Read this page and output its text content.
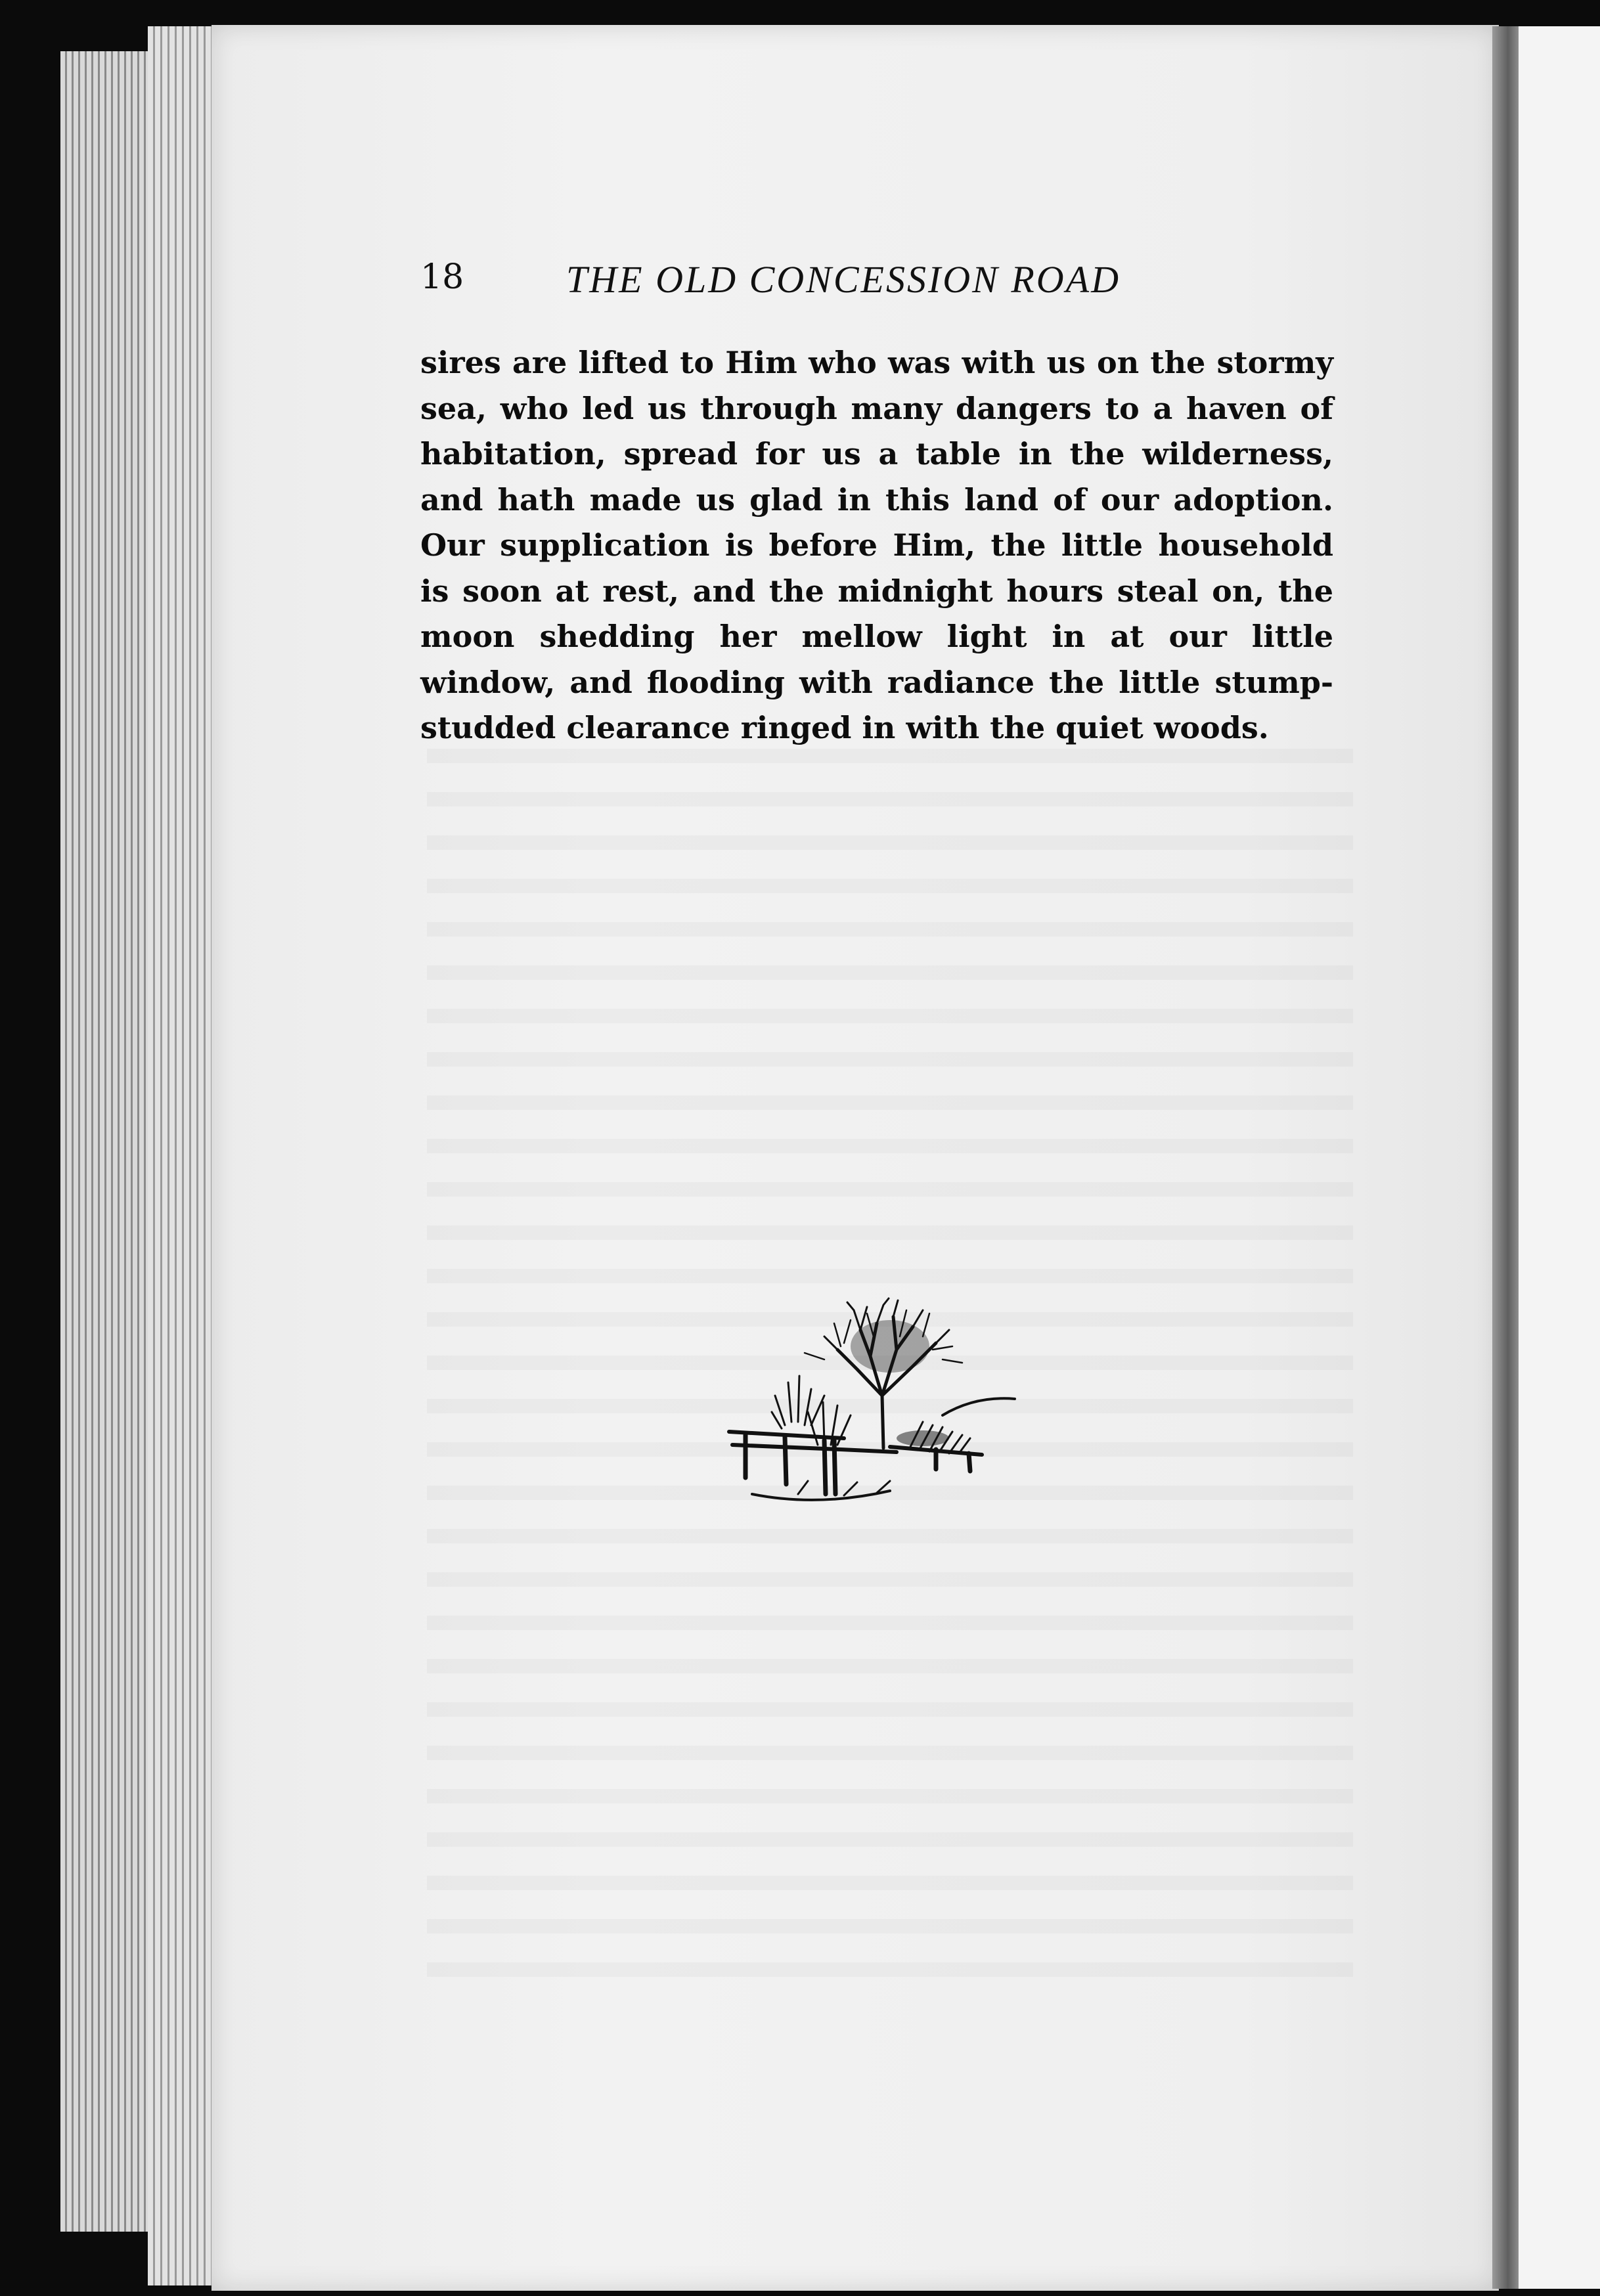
18	THE OLD CONCESSION ROAD
sires are lifted to Him who was with us on the stormy
sea, who led us through many dangers to a haven of
habitation, spread for us a table in the wilderness,
and hath made us glad in this land of our adoption.
Our supplication is before Him, the little household
is soon at rest, and the midnight hours steal on, the
moon shedding her mellow light in at our little
window, and flooding with radiance the little stump-
studded clearance ringed in with the quiet woods.
